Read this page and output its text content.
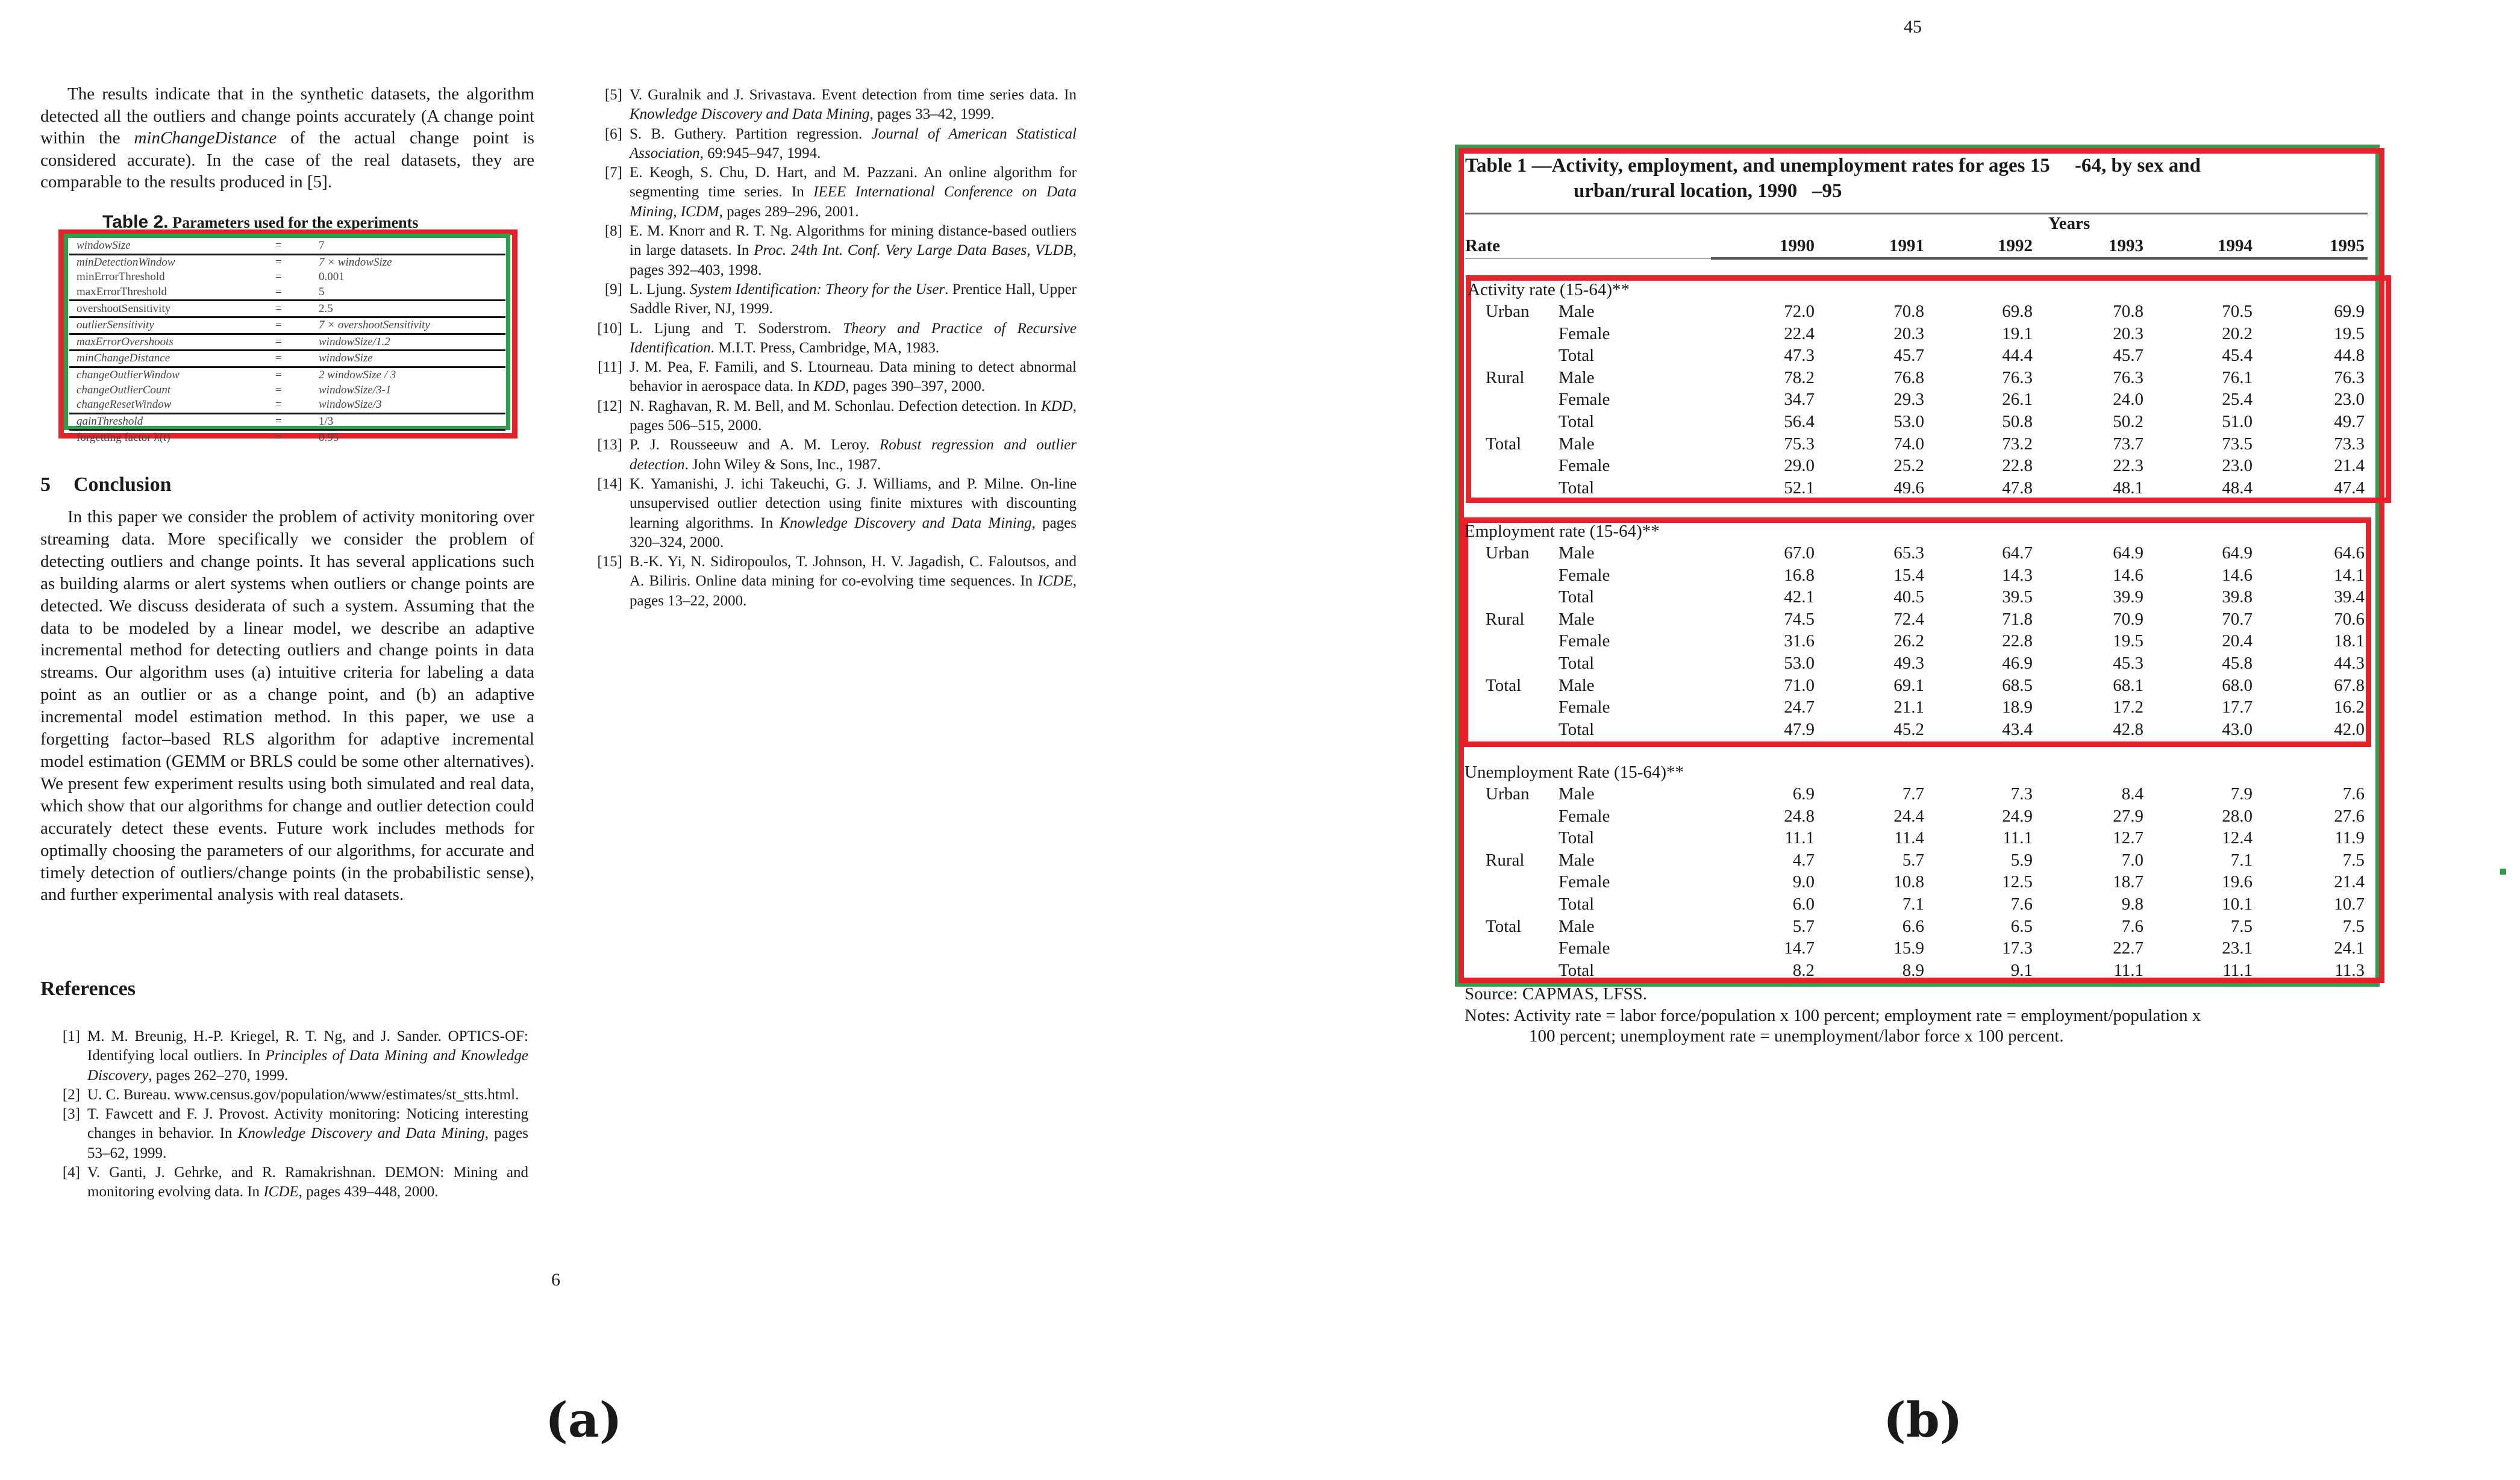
The results indicate that in the synthetic datasets, the algorithm detected all the outliers and change points accurately (A change point within the minChangeDistance of the actual change point is considered accurate). In the case of the real datasets, they are comparable to the results produced in [5].

Table 2. Parameters used for the experiments
windowSize	=	7
minDetectionWindow	=	7 × windowSize
minErrorThreshold	=	0.001
maxErrorThreshold	=	5
overshootSensitivity	=	2.5
outlierSensitivity	=	7 × overshootSensitivity
maxErrorOvershoots	=	windowSize/1.2
minChangeDistance	=	windowSize
changeOutlierWindow	=	2 windowSize / 3
changeOutlierCount	=	windowSize/3-1
changeResetWindow	=	windowSize/3
gainThreshold	=	1/3
forgetting factor λ(t)	=	0.95
5 Conclusion

In this paper we consider the problem of activity monitoring over streaming data. More specifically we consider the problem of detecting outliers and change points. It has several applications such as building alarms or alert systems when outliers or change points are detected. We discuss desiderata of such a system. Assuming that the data to be modeled by a linear model, we describe an adaptive incremental method for detecting outliers and change points in data streams. Our algorithm uses (a) intuitive criteria for labeling a data point as an outlier or as a change point, and (b) an adaptive incremental model estimation method. In this paper, we use a forgetting factor–based RLS algorithm for adaptive incremental model estimation (GEMM or BRLS could be some other alternatives). We present few experiment results using both simulated and real data, which show that our algorithms for change and outlier detection could accurately detect these events. Future work includes methods for optimally choosing the parameters of our algorithms, for accurate and timely detection of outliers/change points (in the probabilistic sense), and further experimental analysis with real datasets.

References
[1] M. M. Breunig, H.-P. Kriegel, R. T. Ng, and J. Sander. OPTICS-OF: Identifying local outliers. In Principles of Data Mining and Knowledge Discovery, pages 262–270, 1999.
[2] U. C. Bureau. www.census.gov/population/www/estimates/st_stts.html.
[3] T. Fawcett and F. J. Provost. Activity monitoring: Noticing interesting changes in behavior. In Knowledge Discovery and Data Mining, pages 53–62, 1999.
[4] V. Ganti, J. Gehrke, and R. Ramakrishnan. DEMON: Mining and monitoring evolving data. In ICDE, pages 439–448, 2000.
[5] V. Guralnik and J. Srivastava. Event detection from time series data. In Knowledge Discovery and Data Mining, pages 33–42, 1999.
[6] S. B. Guthery. Partition regression. Journal of American Statistical Association, 69:945–947, 1994.
[7] E. Keogh, S. Chu, D. Hart, and M. Pazzani. An online algorithm for segmenting time series. In IEEE International Conference on Data Mining, ICDM, pages 289–296, 2001.
[8] E. M. Knorr and R. T. Ng. Algorithms for mining distance-based outliers in large datasets. In Proc. 24th Int. Conf. Very Large Data Bases, VLDB, pages 392–403, 1998.
[9] L. Ljung. System Identification: Theory for the User. Prentice Hall, Upper Saddle River, NJ, 1999.
[10] L. Ljung and T. Soderstrom. Theory and Practice of Recursive Identification. M.I.T. Press, Cambridge, MA, 1983.
[11] J. M. Pea, F. Famili, and S. Ltourneau. Data mining to detect abnormal behavior in aerospace data. In KDD, pages 390–397, 2000.
[12] N. Raghavan, R. M. Bell, and M. Schonlau. Defection detection. In KDD, pages 506–515, 2000.
[13] P. J. Rousseeuw and A. M. Leroy. Robust regression and outlier detection. John Wiley & Sons, Inc., 1987.
[14] K. Yamanishi, J. ichi Takeuchi, G. J. Williams, and P. Milne. On-line unsupervised outlier detection using finite mixtures with discounting learning algorithms. In Knowledge Discovery and Data Mining, pages 320–324, 2000.
[15] B.-K. Yi, N. Sidiropoulos, T. Johnson, H. V. Jagadish, C. Faloutsos, and A. Biliris. Online data mining for co-evolving time sequences. In ICDE, pages 13–22, 2000.
6
(a)
45
Table 1 —Activity, employment, and unemployment rates for ages 15     -64, by sex and
urban/rural location, 1990   –95
Years
Rate	1990	1991	1992	1993	1994	1995
Activity rate (15-64)**
Urban Male	72.0	70.8	69.8	70.8	70.5	69.9
Female	22.4	20.3	19.1	20.3	20.2	19.5
Total	47.3	45.7	44.4	45.7	45.4	44.8
Rural Male	78.2	76.8	76.3	76.3	76.1	76.3
Female	34.7	29.3	26.1	24.0	25.4	23.0
Total	56.4	53.0	50.8	50.2	51.0	49.7
Total Male	75.3	74.0	73.2	73.7	73.5	73.3
Female	29.0	25.2	22.8	22.3	23.0	21.4
Total	52.1	49.6	47.8	48.1	48.4	47.4
Employment rate (15-64)**
Urban Male	67.0	65.3	64.7	64.9	64.9	64.6
Female	16.8	15.4	14.3	14.6	14.6	14.1
Total	42.1	40.5	39.5	39.9	39.8	39.4
Rural Male	74.5	72.4	71.8	70.9	70.7	70.6
Female	31.6	26.2	22.8	19.5	20.4	18.1
Total	53.0	49.3	46.9	45.3	45.8	44.3
Total Male	71.0	69.1	68.5	68.1	68.0	67.8
Female	24.7	21.1	18.9	17.2	17.7	16.2
Total	47.9	45.2	43.4	42.8	43.0	42.0
Unemployment Rate (15-64)**
Urban Male	6.9	7.7	7.3	8.4	7.9	7.6
Female	24.8	24.4	24.9	27.9	28.0	27.6
Total	11.1	11.4	11.1	12.7	12.4	11.9
Rural Male	4.7	5.7	5.9	7.0	7.1	7.5
Female	9.0	10.8	12.5	18.7	19.6	21.4
Total	6.0	7.1	7.6	9.8	10.1	10.7
Total Male	5.7	6.6	6.5	7.6	7.5	7.5
Female	14.7	15.9	17.3	22.7	23.1	24.1
Total	8.2	8.9	9.1	11.1	11.1	11.3
Source: CAPMAS, LFSS.
Notes: Activity rate = labor force/population x 100 percent; employment rate = employment/population x
100 percent; unemployment rate = unemployment/labor force x 100 percent.
(b)
